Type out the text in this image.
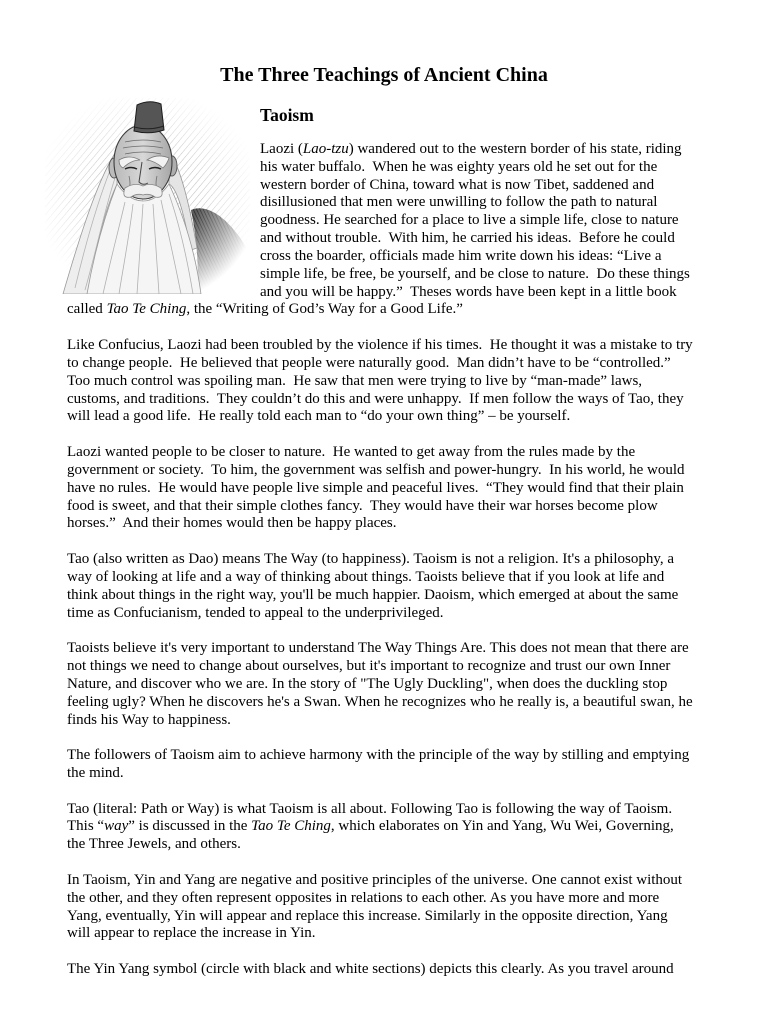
The Three Teachings of Ancient China
Taoism
Laozi (Lao-tzu) wandered out to the western border of his state, riding
his water buffalo.  When he was eighty years old he set out for the
western border of China, toward what is now Tibet, saddened and
disillusioned that men were unwilling to follow the path to natural
goodness. He searched for a place to live a simple life, close to nature
and without trouble.  With him, he carried his ideas.  Before he could
cross the boarder, officials made him write down his ideas: “Live a
simple life, be free, be yourself, and be close to nature.  Do these things
and you will be happy.”  Theses words have been kept in a little book
called Tao Te Ching, the “Writing of God’s Way for a Good Life.”
Like Confucius, Laozi had been troubled by the violence if his times.  He thought it was a mistake to try
to change people.  He believed that people were naturally good.  Man didn’t have to be “controlled.”
Too much control was spoiling man.  He saw that men were trying to live by “man-made” laws,
customs, and traditions.  They couldn’t do this and were unhappy.  If men follow the ways of Tao, they
will lead a good life.  He really told each man to “do your own thing” – be yourself.
Laozi wanted people to be closer to nature.  He wanted to get away from the rules made by the
government or society.  To him, the government was selfish and power-hungry.  In his world, he would
have no rules.  He would have people live simple and peaceful lives.  “They would find that their plain
food is sweet, and that their simple clothes fancy.  They would have their war horses become plow
horses.”  And their homes would then be happy places.
Tao (also written as Dao) means The Way (to happiness). Taoism is not a religion. It's a philosophy, a
way of looking at life and a way of thinking about things. Taoists believe that if you look at life and
think about things in the right way, you'll be much happier. Daoism, which emerged at about the same
time as Confucianism, tended to appeal to the underprivileged.
Taoists believe it's very important to understand The Way Things Are. This does not mean that there are
not things we need to change about ourselves, but it's important to recognize and trust our own Inner
Nature, and discover who we are. In the story of "The Ugly Duckling", when does the duckling stop
feeling ugly? When he discovers he's a Swan. When he recognizes who he really is, a beautiful swan, he
finds his Way to happiness.
The followers of Taoism aim to achieve harmony with the principle of the way by stilling and emptying
the mind.
Tao (literal: Path or Way) is what Taoism is all about. Following Tao is following the way of Taoism.
This “way” is discussed in the Tao Te Ching, which elaborates on Yin and Yang, Wu Wei, Governing,
the Three Jewels, and others.
In Taoism, Yin and Yang are negative and positive principles of the universe. One cannot exist without
the other, and they often represent opposites in relations to each other. As you have more and more
Yang, eventually, Yin will appear and replace this increase. Similarly in the opposite direction, Yang
will appear to replace the increase in Yin.
The Yin Yang symbol (circle with black and white sections) depicts this clearly. As you travel around
